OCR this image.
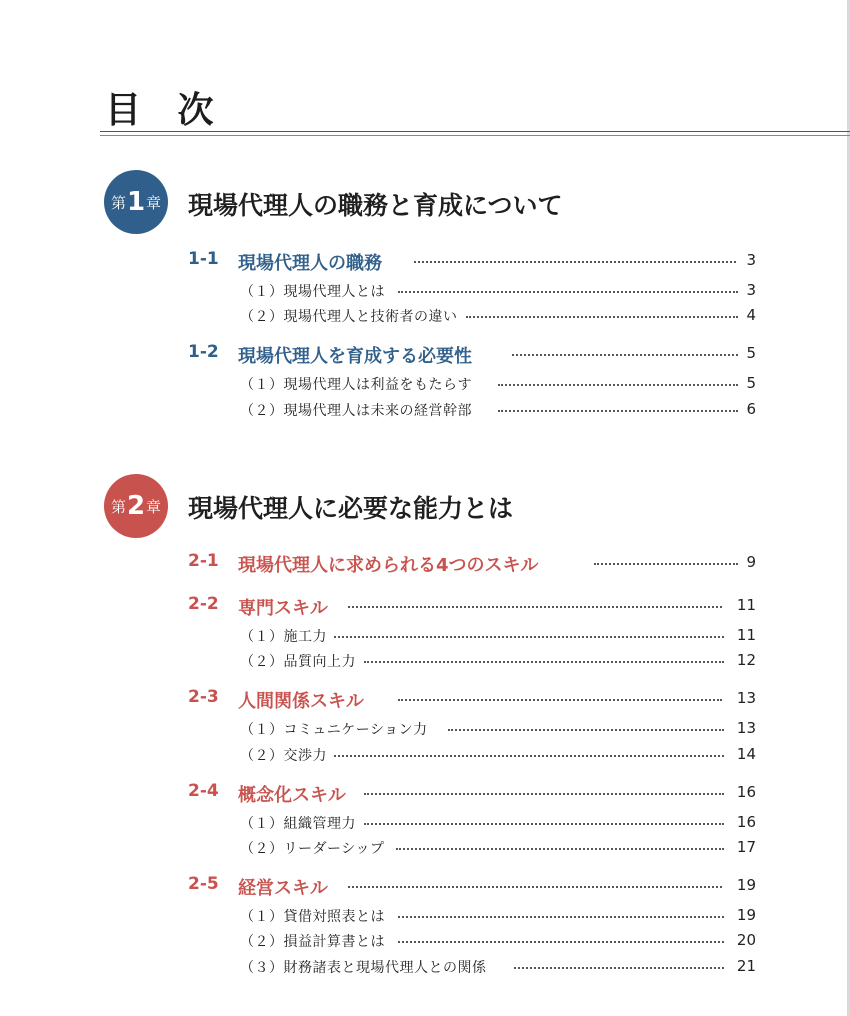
目 次
第 1 章 現場代理人の職務と育成について
第 2 章 現場代理人に必要な能力とは
1-1 現場代理人の職務	3
（１）現場代理人とは	3
（２）現場代理人と技術者の違い	4
1-2 現場代理人を育成する必要性	5
（１）現場代理人は利益をもたらす	5
（２）現場代理人は未来の経営幹部	6
2-1 現場代理人に求められる4つのスキル	9
2-2 専門スキル	11
（１）施工力	11
（２）品質向上力	12
2-3 人間関係スキル	13
（１）コミュニケーション力	13
（２）交渉力	14
2-4 概念化スキル	16
（１）組織管理力	16
（２）リーダーシップ	17
2-5 経営スキル	19
（１）貸借対照表とは	19
（２）損益計算書とは	20
（３）財務諸表と現場代理人との関係	21
